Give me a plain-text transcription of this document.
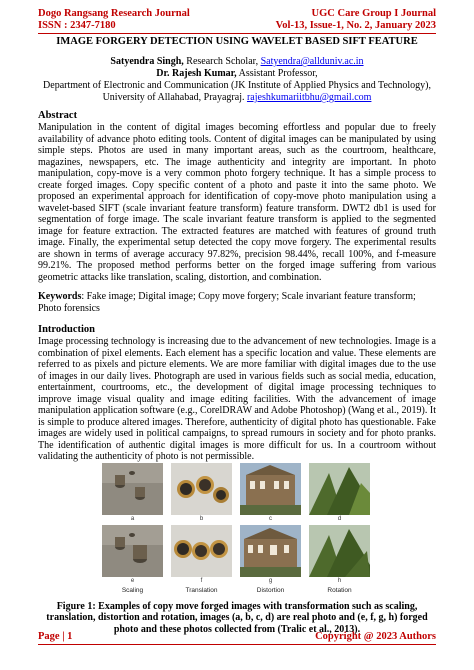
Dogo Rangsang Research Journal	UGC Care Group I Journal
ISSN : 2347-7180	Vol-13, Issue-1, No. 2, January 2023
IMAGE FORGERY DETECTION USING WAVELET BASED SIFT FEATURE
Satyendra Singh, Research Scholar, Satyendra@allduniv.ac.in
Dr. Rajesh Kumar, Assistant Professor,
Department of Electronic and Communication (JK Institute of Applied Physics and Technology), University of Allahabad, Prayagraj. rajeshkumariitbhu@gmail.com
Abstract
Manipulation in the content of digital images becoming effortless and popular due to freely availability of advance photo editing tools. Content of digital images can be manipulated by using simple steps. Photos are used in many important areas, such as the courtroom, healthcare, magazines, newspapers, etc. The image authenticity and integrity are important. In photo manipulation, copy-move is a very common photo forgery technique. It has a simple process to create forged images. Copy specific content of a photo and paste it into the same photo. We proposed an experimental approach for identification of copy-move photo manipulation using a wavelet-based SIFT (scale invariant feature transform) feature transform. DWT2 db1 is used for segmentation of forge image. The scale invariant feature transform is applied to the segmented image for feature extraction. The extracted features are matched with features of ground truth image. Finally, the experimental setup detected the copy move forgery. The experimental results are shown in terms of average accuracy 97.82%, precision 98.44%, recall 100%, and f-measure 99.21%. The proposed method performs better on the forged image suffering from various geometric attacks like translation, scaling, distortion, and combination.
Keywords: Fake image; Digital image; Copy move forgery; Scale invariant feature transform; Photo forensics
Introduction
Image processing technology is increasing due to the advancement of new technologies. Image is a combination of pixel elements. Each element has a specific location and value. These elements are referred to as pixels and picture elements. We are more familiar with digital images due to the use of images in our daily lives. Photograph are used in various fields such as social media, education, entertainment, courtrooms, etc., the development of digital image processing techniques to improve image visual quality and image editing facilities. With the advancement of image manipulation application software (e.g., CorelDRAW and Adobe Photoshop) (Wang et al., 2019). It is simple to produce altered images. Therefore, authenticity of digital photo has questionable. Fake images are widely used in political campaigns, to spread rumours in society and for photo pranks. The identification of authentic digital images is more difficult for us. In a courtroom without validating the authenticity of photo is not permissible.
a	b	c	d
e	f	g	h
Scaling	Translation	Distortion	Rotation
Figure 1: Examples of copy move forged images with transformation such as scaling, translation, distortion and rotation, images (a, b, c, d) are real photo and (e, f, g, h) forged photo and these photos collected from (Tralic et al., 2013).
Page | 1	Copyright @ 2023 Authors
